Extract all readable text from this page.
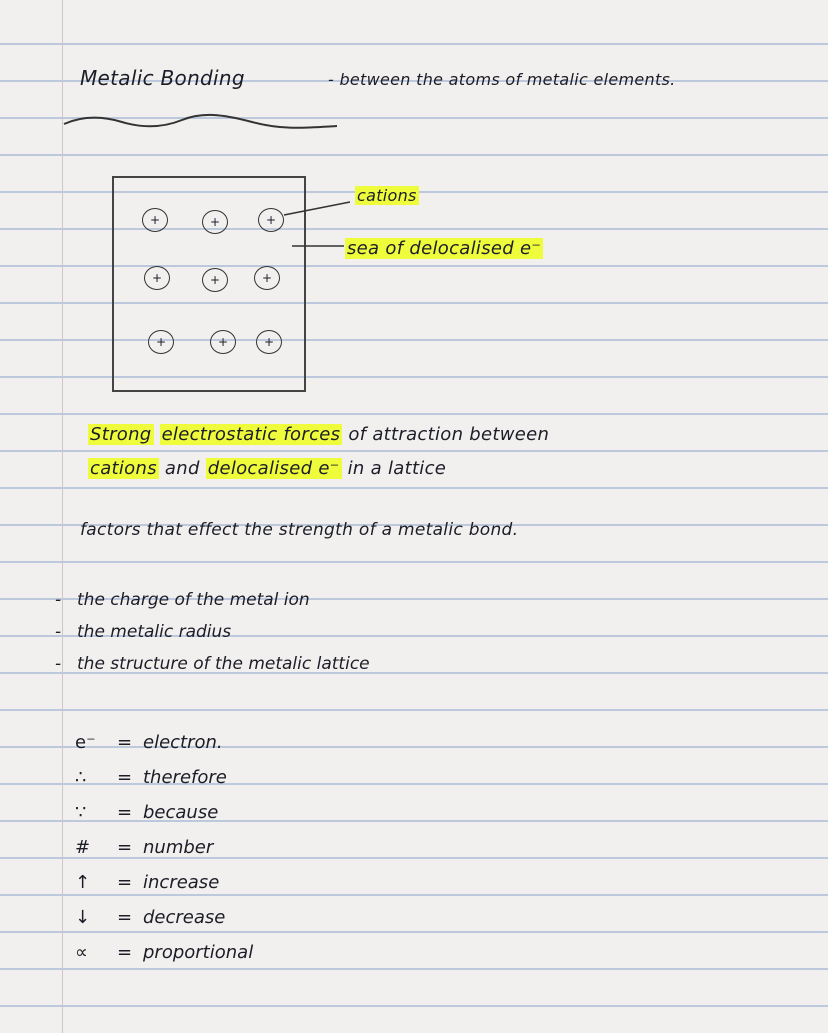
Metalic Bonding	- between the atoms of metalic elements.
+	+	+
+	+	+
+	+	+
cations
sea of delocalised e⁻
Strong electrostatic forces of attraction between
cations and delocalised e⁻ in a lattice
factors that effect the strength of a metalic bond.
- the charge of the metal ion
- the metalic radius
- the structure of the metalic lattice
e⁻	= electron.
∴	= therefore
∵	= because
#	= number
↑	= increase
↓	= decrease
∝	= proportional
